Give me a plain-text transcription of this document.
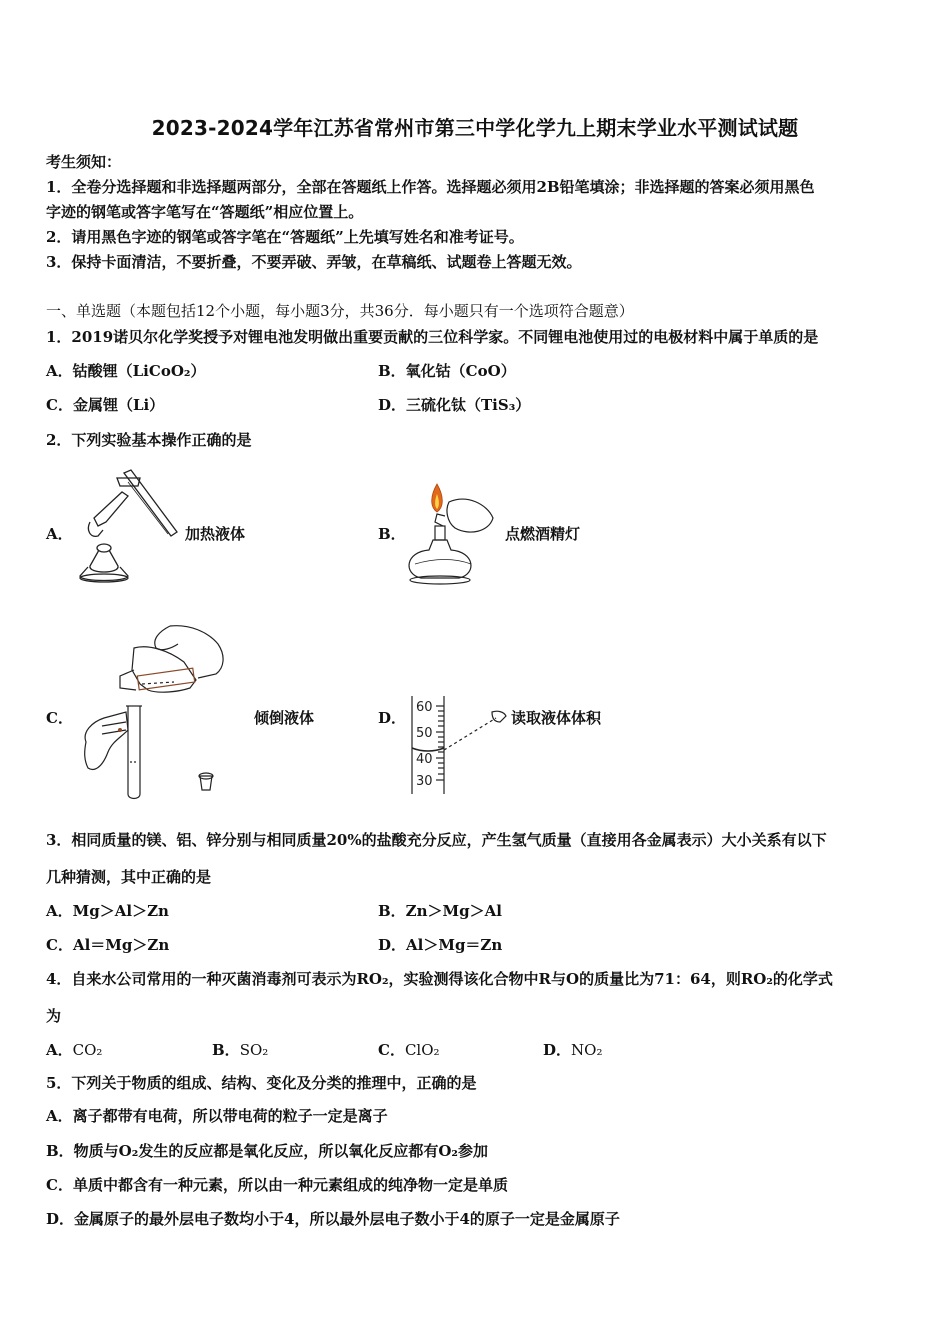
2023-2024学年江苏省常州市第三中学化学九上期末学业水平测试试题
考生须知：
1．全卷分选择题和非选择题两部分，全部在答题纸上作答。选择题必须用2B铅笔填涂；非选择题的答案必须用黑色
字迹的钢笔或答字笔写在“答题纸”相应位置上。
2．请用黑色字迹的钢笔或答字笔在“答题纸”上先填写姓名和准考证号。
3．保持卡面清洁，不要折叠，不要弄破、弄皱，在草稿纸、试题卷上答题无效。
一、单选题（本题包括12个小题，每小题3分，共36分．每小题只有一个选项符合题意）
1．2019诺贝尔化学奖授予对锂电池发明做出重要贡献的三位科学家。不同锂电池使用过的电极材料中属于单质的是
A．钴酸锂（LiCoO₂）	B．氧化钴（CoO）
C．金属锂（Li）	D．三硫化钛（TiS₃）
2．下列实验基本操作正确的是
A．	加热液体	B．	点燃酒精灯
C．	倾倒液体	D．
60
50
40
30
读取液体体积
3．相同质量的镁、铝、锌分别与相同质量20%的盐酸充分反应，产生氢气质量（直接用各金属表示）大小关系有以下
几种猜测，其中正确的是
A．Mg＞Al＞Zn	B．Zn＞Mg＞Al
C．Al＝Mg＞Zn	D．Al＞Mg＝Zn
4．自来水公司常用的一种灭菌消毒剂可表示为RO₂，实验测得该化合物中R与O的质量比为71：64，则RO₂的化学式
为
A．CO₂	B．SO₂	C．ClO₂	D．NO₂
5．下列关于物质的组成、结构、变化及分类的推理中，正确的是
A．离子都带有电荷，所以带电荷的粒子一定是离子
B．物质与O₂发生的反应都是氧化反应，所以氧化反应都有O₂参加
C．单质中都含有一种元素，所以由一种元素组成的纯净物一定是单质
D．金属原子的最外层电子数均小于4，所以最外层电子数小于4的原子一定是金属原子
